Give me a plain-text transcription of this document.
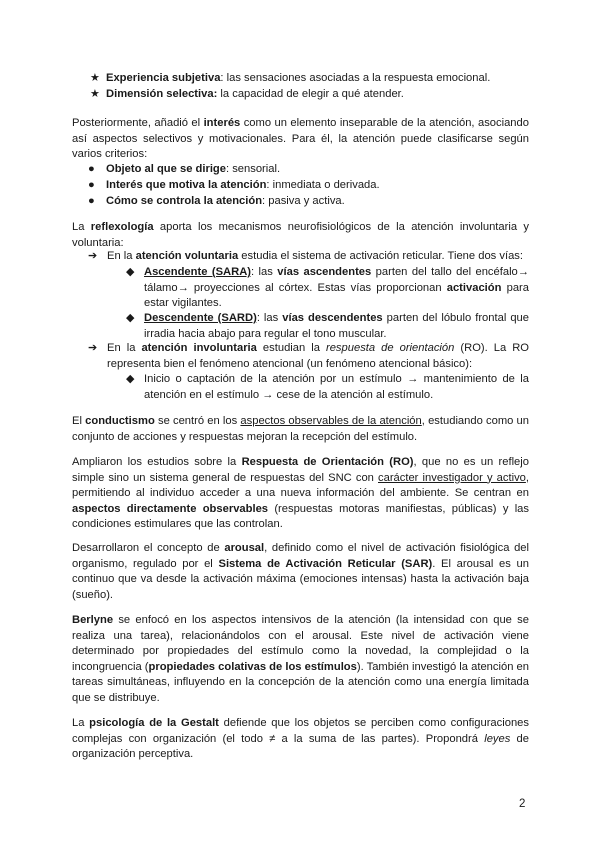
★ Experiencia subjetiva: las sensaciones asociadas a la respuesta emocional.
★ Dimensión selectiva: la capacidad de elegir a qué atender.

Posteriormente, añadió el interés como un elemento inseparable de la atención, asociando así aspectos selectivos y motivacionales. Para él, la atención puede clasificarse según varios criterios:

● Objeto al que se dirige: sensorial.
● Interés que motiva la atención: inmediata o derivada.
● Cómo se controla la atención: pasiva y activa.

La reflexología aporta los mecanismos neurofisiológicos de la atención involuntaria y voluntaria:

➔ En la atención voluntaria estudia el sistema de activación reticular. Tiene dos vías:
◆ Ascendente (SARA): las vías ascendentes parten del tallo del encéfalo→ tálamo→ proyecciones al córtex. Estas vías proporcionan activación para estar vigilantes.
◆ Descendente (SARD): las vías descendentes parten del lóbulo frontal que irradia hacia abajo para regular el tono muscular.
➔ En la atención involuntaria estudian la respuesta de orientación (RO). La RO representa bien el fenómeno atencional (un fenómeno atencional básico):
◆ Inicio o captación de la atención por un estímulo → mantenimiento de la atención en el estímulo → cese de la atención al estímulo.

El conductismo se centró en los aspectos observables de la atención, estudiando como un conjunto de acciones y respuestas mejoran la recepción del estímulo.

Ampliaron los estudios sobre la Respuesta de Orientación (RO), que no es un reflejo simple sino un sistema general de respuestas del SNC con carácter investigador y activo, permitiendo al individuo acceder a una nueva información del ambiente. Se centran en aspectos directamente observables (respuestas motoras manifiestas, públicas) y las condiciones estimulares que las controlan.

Desarrollaron el concepto de arousal, definido como el nivel de activación fisiológica del organismo, regulado por el Sistema de Activación Reticular (SAR). El arousal es un continuo que va desde la activación máxima (emociones intensas) hasta la activación baja (sueño).

Berlyne se enfocó en los aspectos intensivos de la atención (la intensidad con que se realiza una tarea), relacionándolos con el arousal. Este nivel de activación viene determinado por propiedades del estímulo como la novedad, la complejidad o la incongruencia (propiedades colativas de los estímulos). También investigó la atención en tareas simultáneas, influyendo en la concepción de la atención como una energía limitada que se distribuye.

La psicología de la Gestalt defiende que los objetos se perciben como configuraciones complejas con organización (el todo ≠ a la suma de las partes). Propondrá leyes de organización perceptiva.

2
